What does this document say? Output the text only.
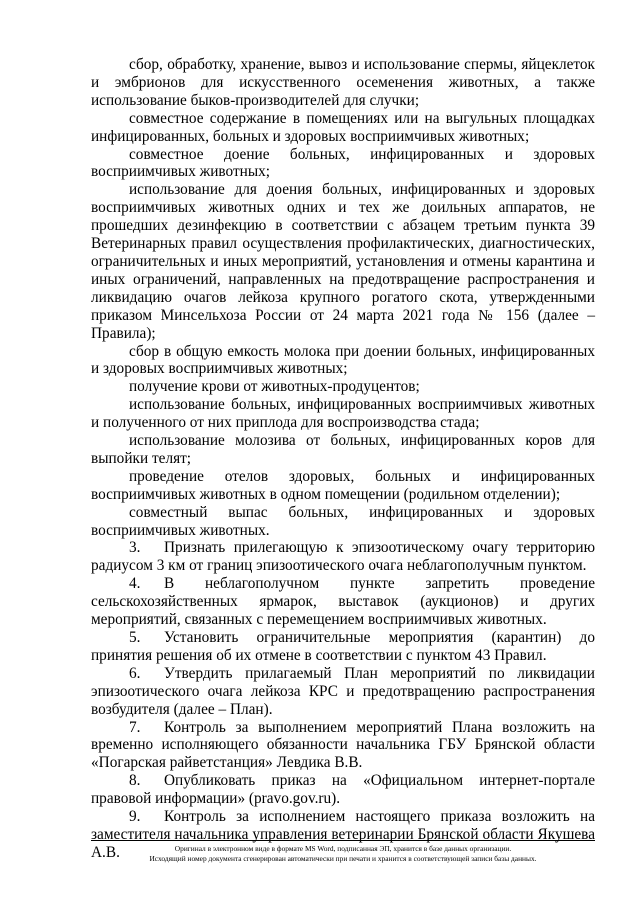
сбор, обработку, хранение, вывоз и использование спермы, яйцеклеток и эмбрионов для искусственного осеменения животных, а также использование быков-производителей для случки;

совместное содержание в помещениях или на выгульных площадках инфицированных, больных и здоровых восприимчивых животных;

совместное доение больных, инфицированных и здоровых восприимчивых животных;

использование для доения больных, инфицированных и здоровых восприимчивых животных одних и тех же доильных аппаратов, не прошедших дезинфекцию в соответствии с абзацем третьим пункта 39 Ветеринарных правил осуществления профилактических, диагностических, ограничительных и иных мероприятий, установления и отмены карантина и иных ограничений, направленных на предотвращение распространения и ликвидацию очагов лейкоза крупного рогатого скота, утвержденными приказом Минсельхоза России от 24 марта 2021 года № 156 (далее – Правила);

сбор в общую емкость молока при доении больных, инфицированных и здоровых восприимчивых животных;

получение крови от животных-продуцентов;

использование больных, инфицированных восприимчивых животных и полученного от них приплода для воспроизводства стада;

использование молозива от больных, инфицированных коров для выпойки телят;

проведение отелов здоровых, больных и инфицированных восприимчивых животных в одном помещении (родильном отделении);

совместный выпас больных, инфицированных и здоровых восприимчивых животных.

3. Признать прилегающую к эпизоотическому очагу территорию радиусом 3 км от границ эпизоотического очага неблагополучным пунктом.

4. В неблагополучном пункте запретить проведение сельскохозяйственных ярмарок, выставок (аукционов) и других мероприятий, связанных с перемещением восприимчивых животных.

5. Установить ограничительные мероприятия (карантин) до принятия решения об их отмене в соответствии с пунктом 43 Правил.

6. Утвердить прилагаемый План мероприятий по ликвидации эпизоотического очага лейкоза КРС и предотвращению распространения возбудителя (далее – План).

7. Контроль за выполнением мероприятий Плана возложить на временно исполняющего обязанности начальника ГБУ Брянской области «Погарская райветстанция» Левдика В.В.

8. Опубликовать приказ на «Официальном интернет-портале правовой информации» (pravo.gov.ru).

9. Контроль за исполнением настоящего приказа возложить на заместителя начальника управления ветеринарии Брянской области Якушева А.В.	Оригинал в электронном виде в формате MS Word, подписанная ЭП, хранится в базе данных организации.
Исходящий номер документа сгенерирован автоматически при печати и хранится в соответствующей записи базы данных.
